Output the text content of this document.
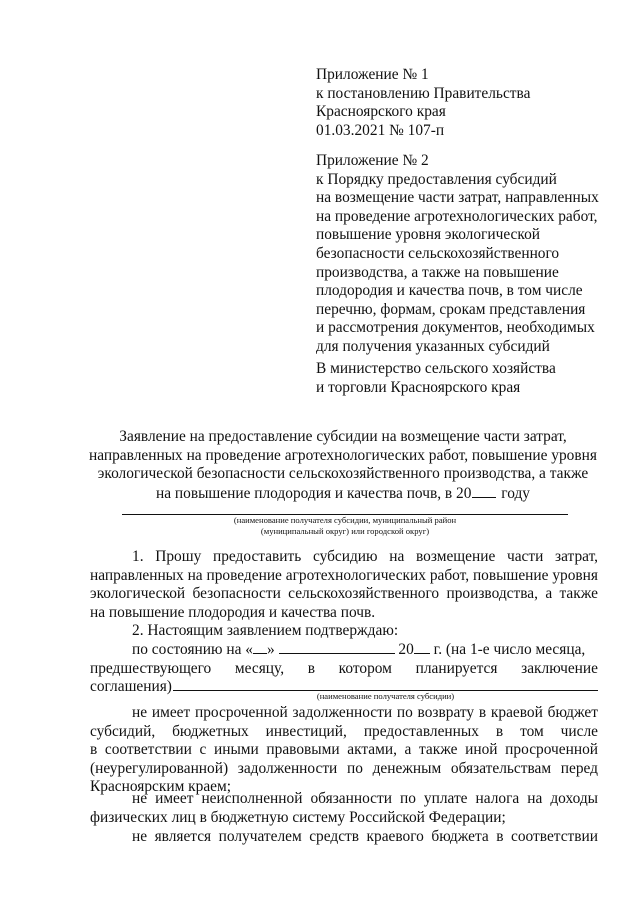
Приложение № 1
к постановлению Правительства
Красноярского края
01.03.2021 № 107-п
Приложение № 2
к Порядку предоставления субсидий
на возмещение части затрат, направленных
на проведение агротехнологических работ,
повышение уровня экологической
безопасности сельскохозяйственного
производства, а также на повышение
плодородия и качества почв, в том числе
перечню, формам, срокам представления
и рассмотрения документов, необходимых
для получения указанных субсидий
В министерство сельского хозяйства
и торговли Красноярского края
Заявление на предоставление субсидии на возмещение части затрат,
направленных на проведение агротехнологических работ, повышение уровня
экологической безопасности сельскохозяйственного производства, а также
на повышение плодородия и качества почв, в 20 году
(наименование получателя субсидии, муниципальный район
(муниципальный округ) или городской округ)
1. Прошу предоставить субсидию на возмещение части затрат,
направленных на проведение агротехнологических работ, повышение уровня
экологической безопасности сельскохозяйственного производства, а также
на повышение плодородия и качества почв.
2. Настоящим заявлением подтверждаю:
по состоянию на « »	20 г. (на 1-е число месяца,
предшествующего месяцу, в котором планируется заключение
соглашения)
(наименование получателя субсидии)
не имеет просроченной задолженности по возврату в краевой бюджет
субсидий, бюджетных инвестиций, предоставленных в том числе
в соответствии с иными правовыми актами, а также иной просроченной
(неурегулированной) задолженности по денежным обязательствам перед
Красноярским краем;
не имеет неисполненной обязанности по уплате налога на доходы
физических лиц в бюджетную систему Российской Федерации;
не является получателем средств краевого бюджета в соответствии
